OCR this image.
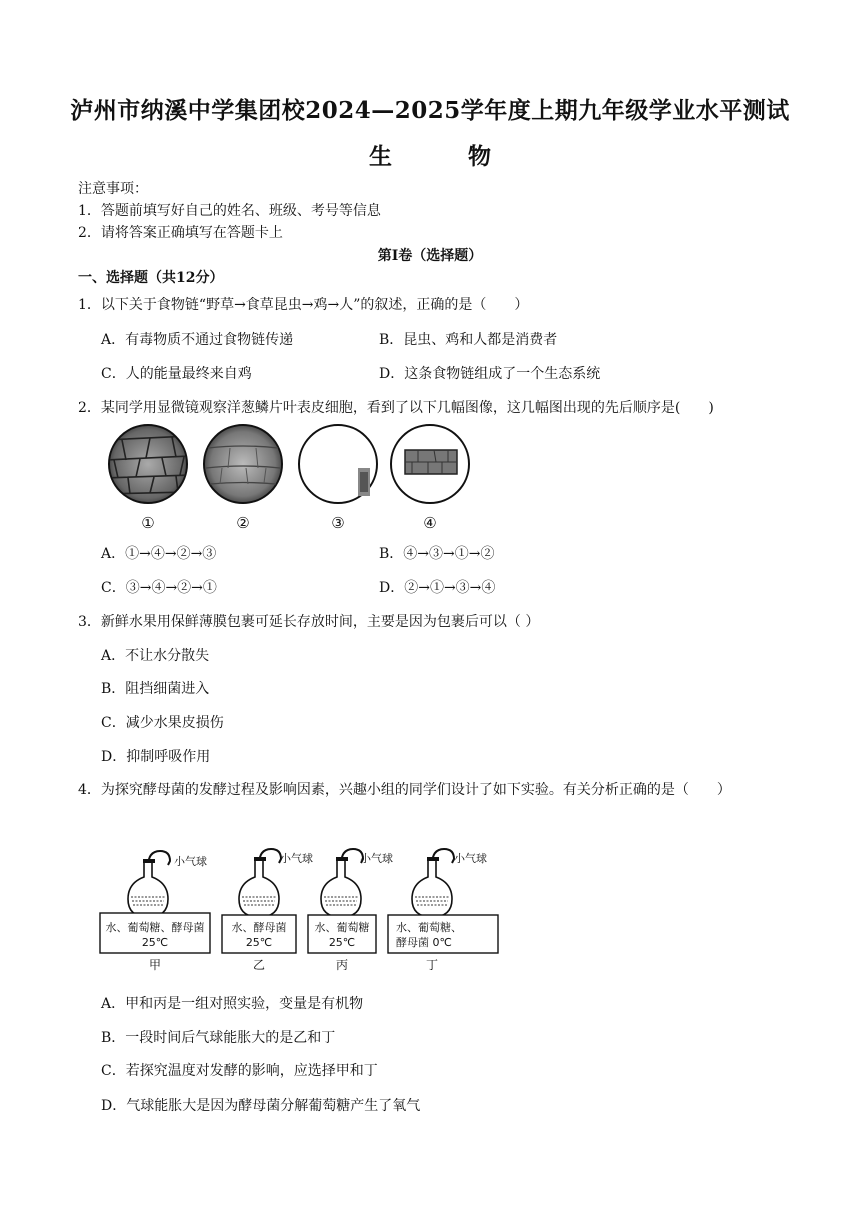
泸州市纳溪中学集团校2024—2025学年度上期九年级学业水平测试
生	物
注意事项：
1．答题前填写好自己的姓名、班级、考号等信息
2．请将答案正确填写在答题卡上
第Ⅰ卷（选择题）
一、选择题（共12分）
1．以下关于食物链“野草→食草昆虫→鸡→人”的叙述，正确的是（　　）
A．有毒物质不通过食物链传递	B．昆虫、鸡和人都是消费者
C．人的能量最终来自鸡	D．这条食物链组成了一个生态系统
2．某同学用显微镜观察洋葱鳞片叶表皮细胞，看到了以下几幅图像，这几幅图出现的先后顺序是(　　)
①	②	③	④
A．①→④→②→③	B．④→③→①→②
C．③→④→②→①	D．②→①→③→④
3．新鲜水果用保鲜薄膜包裹可延长存放时间，主要是因为包裹后可以（ ）
A．不让水分散失
B．阻挡细菌进入
C．减少水果皮损伤
D．抑制呼吸作用
4．为探究酵母菌的发酵过程及影响因素，兴趣小组的同学们设计了如下实验。有关分析正确的是（　　）
小气球
水、葡萄糖、酵母菌
25℃
甲
小气球
水、酵母菌
25℃
乙
小气球
水、葡萄糖
25℃
丙
小气球
水、葡萄糖、
酵母菌 0℃
丁
A．甲和丙是一组对照实验，变量是有机物
B．一段时间后气球能胀大的是乙和丁
C．若探究温度对发酵的影响，应选择甲和丁
D．气球能胀大是因为酵母菌分解葡萄糖产生了氧气
